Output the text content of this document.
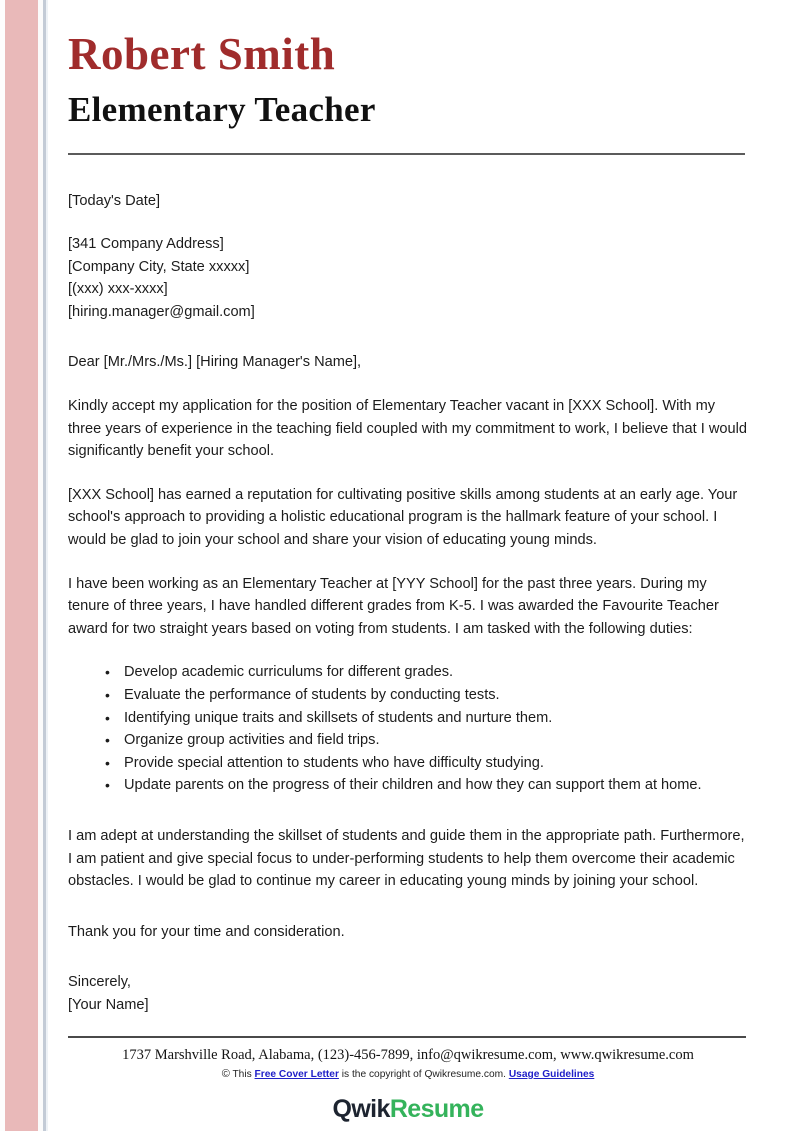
Robert Smith
Elementary Teacher

[Today's Date]

[341 Company Address]

[Company City, State xxxxx]

[(xxx) xxx-xxxx]

[hiring.manager@gmail.com]

Dear [Mr./Mrs./Ms.] [Hiring Manager's Name],

Kindly accept my application for the position of Elementary Teacher vacant in [XXX School]. With my three years of experience in the teaching field coupled with my commitment to work, I believe that I would significantly benefit your school.

[XXX School] has earned a reputation for cultivating positive skills among students at an early age. Your school's approach to providing a holistic educational program is the hallmark feature of your school. I would be glad to join your school and share your vision of educating young minds.

I have been working as an Elementary Teacher at [YYY School] for the past three years. During my tenure of three years, I have handled different grades from K-5. I was awarded the Favourite Teacher award for two straight years based on voting from students. I am tasked with the following duties:

• Develop academic curriculums for different grades.
• Evaluate the performance of students by conducting tests.
• Identifying unique traits and skillsets of students and nurture them.
• Organize group activities and field trips.
• Provide special attention to students who have difficulty studying.
• Update parents on the progress of their children and how they can support them at home.

I am adept at understanding the skillset of students and guide them in the appropriate path. Furthermore, I am patient and give special focus to under-performing students to help them overcome their academic obstacles. I would be glad to continue my career in educating young minds by joining your school.

Thank you for your time and consideration.

Sincerely,

[Your Name]

1737 Marshville Road, Alabama, (123)-456-7899, info@qwikresume.com, www.qwikresume.com
© This Free Cover Letter is the copyright of Qwikresume.com. Usage Guidelines
QwikResume
